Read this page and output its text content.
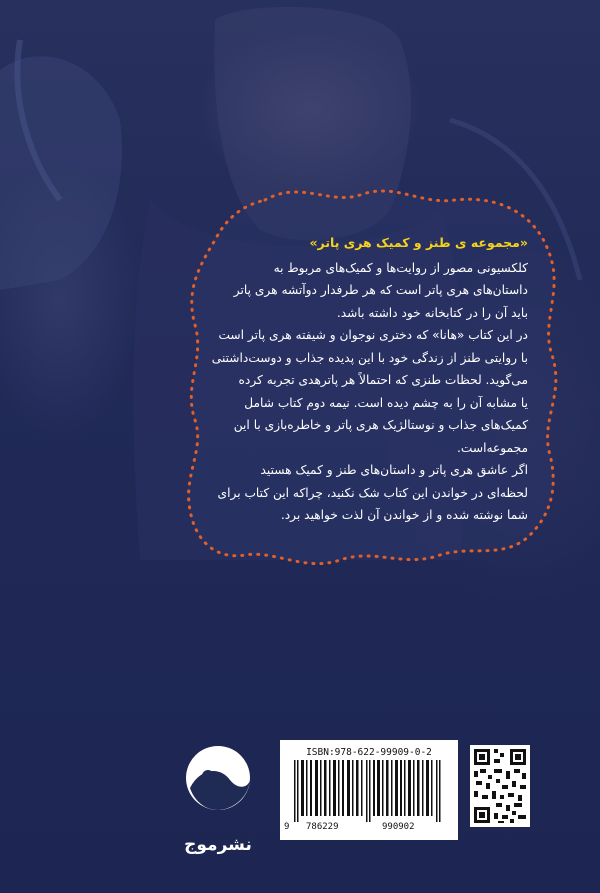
«مجموعه ی طنز و کمیک هری پاتر»

کلکسیونی مصور از روایت‌ها و کمیک‌های مربوط به
داستان‌های هری پاتر است که هر طرفدار دوآتشه هری پاتر
باید آن را در کتابخانه خود داشته باشد.

در این کتاب «هانا» که دختری نوجوان و شیفته هری پاتر است
با روایتی طنز از زندگی خود با این پدیده جذاب و دوست‌داشتنی
می‌گوید. لحظات طنزی که احتمالاً هر پاترهدی تجربه کرده
یا مشابه آن را به چشم دیده است. نیمه دوم کتاب شامل
کمیک‌های جذاب و نوستالژیک هری پاتر و خاطره‌بازی با این
مجموعه‌است.

اگر عاشق هری پاتر و داستان‌های طنز و کمیک هستید
لحظه‌ای در خواندن این کتاب شک نکنید، چراکه این کتاب برای
شما نوشته شده و از خواندن آن لذت خواهید برد.

نشرموج
ISBN:978-622-99909-0-2
9 786229	990902
